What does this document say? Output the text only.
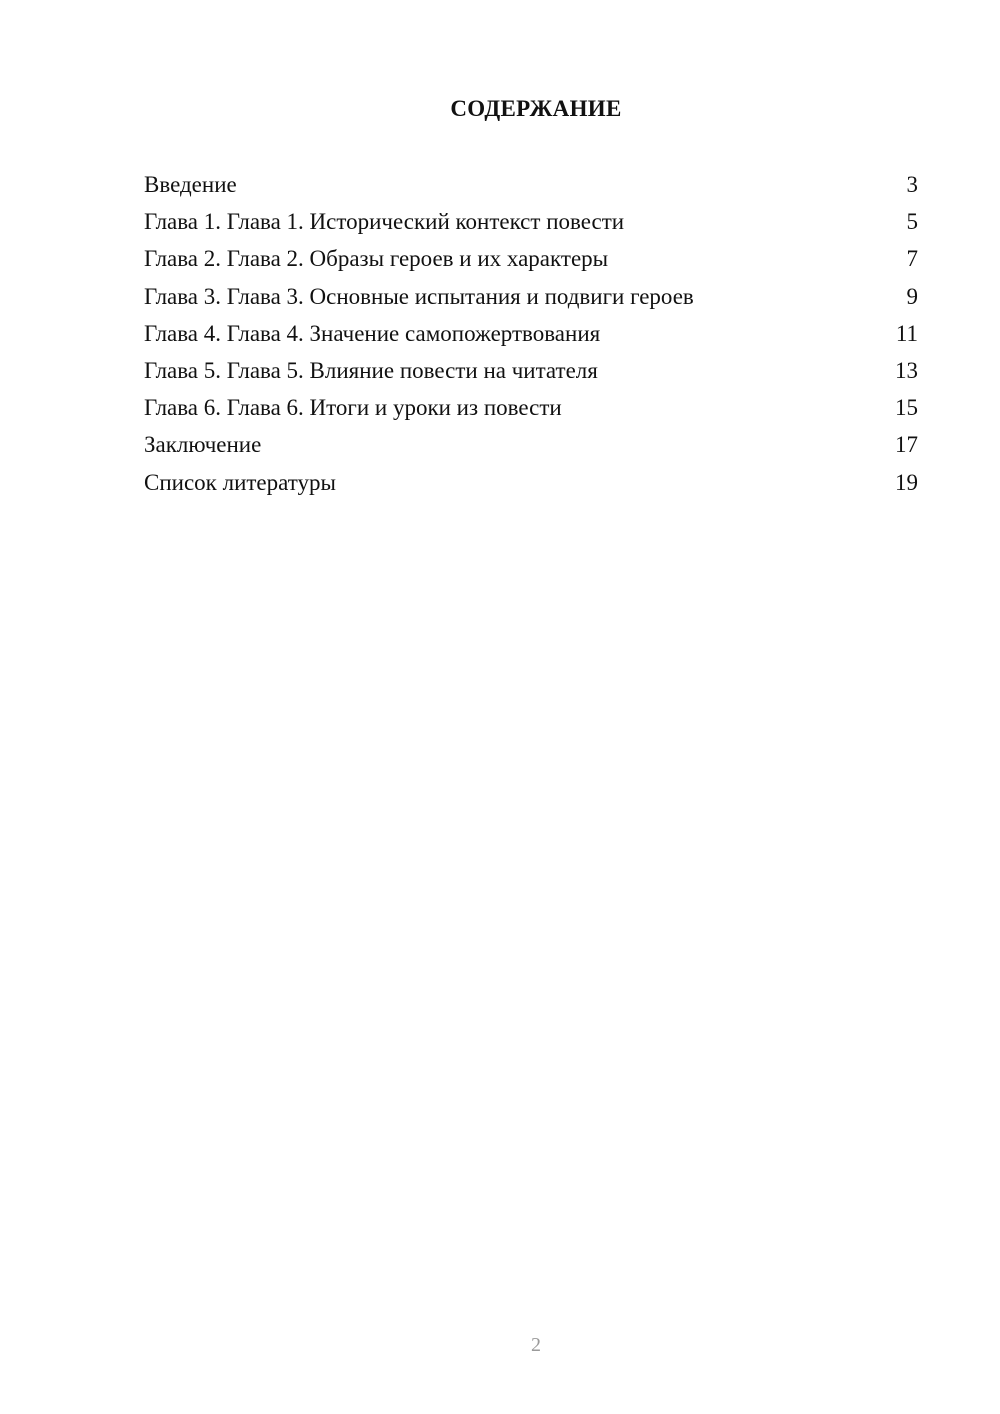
СОДЕРЖАНИЕ
Введение	3
Глава 1. Глава 1. Исторический контекст повести	5
Глава 2. Глава 2. Образы героев и их характеры	7
Глава 3. Глава 3. Основные испытания и подвиги героев	9
Глава 4. Глава 4. Значение самопожертвования	11
Глава 5. Глава 5. Влияние повести на читателя	13
Глава 6. Глава 6. Итоги и уроки из повести	15
Заключение	17
Список литературы	19
2
